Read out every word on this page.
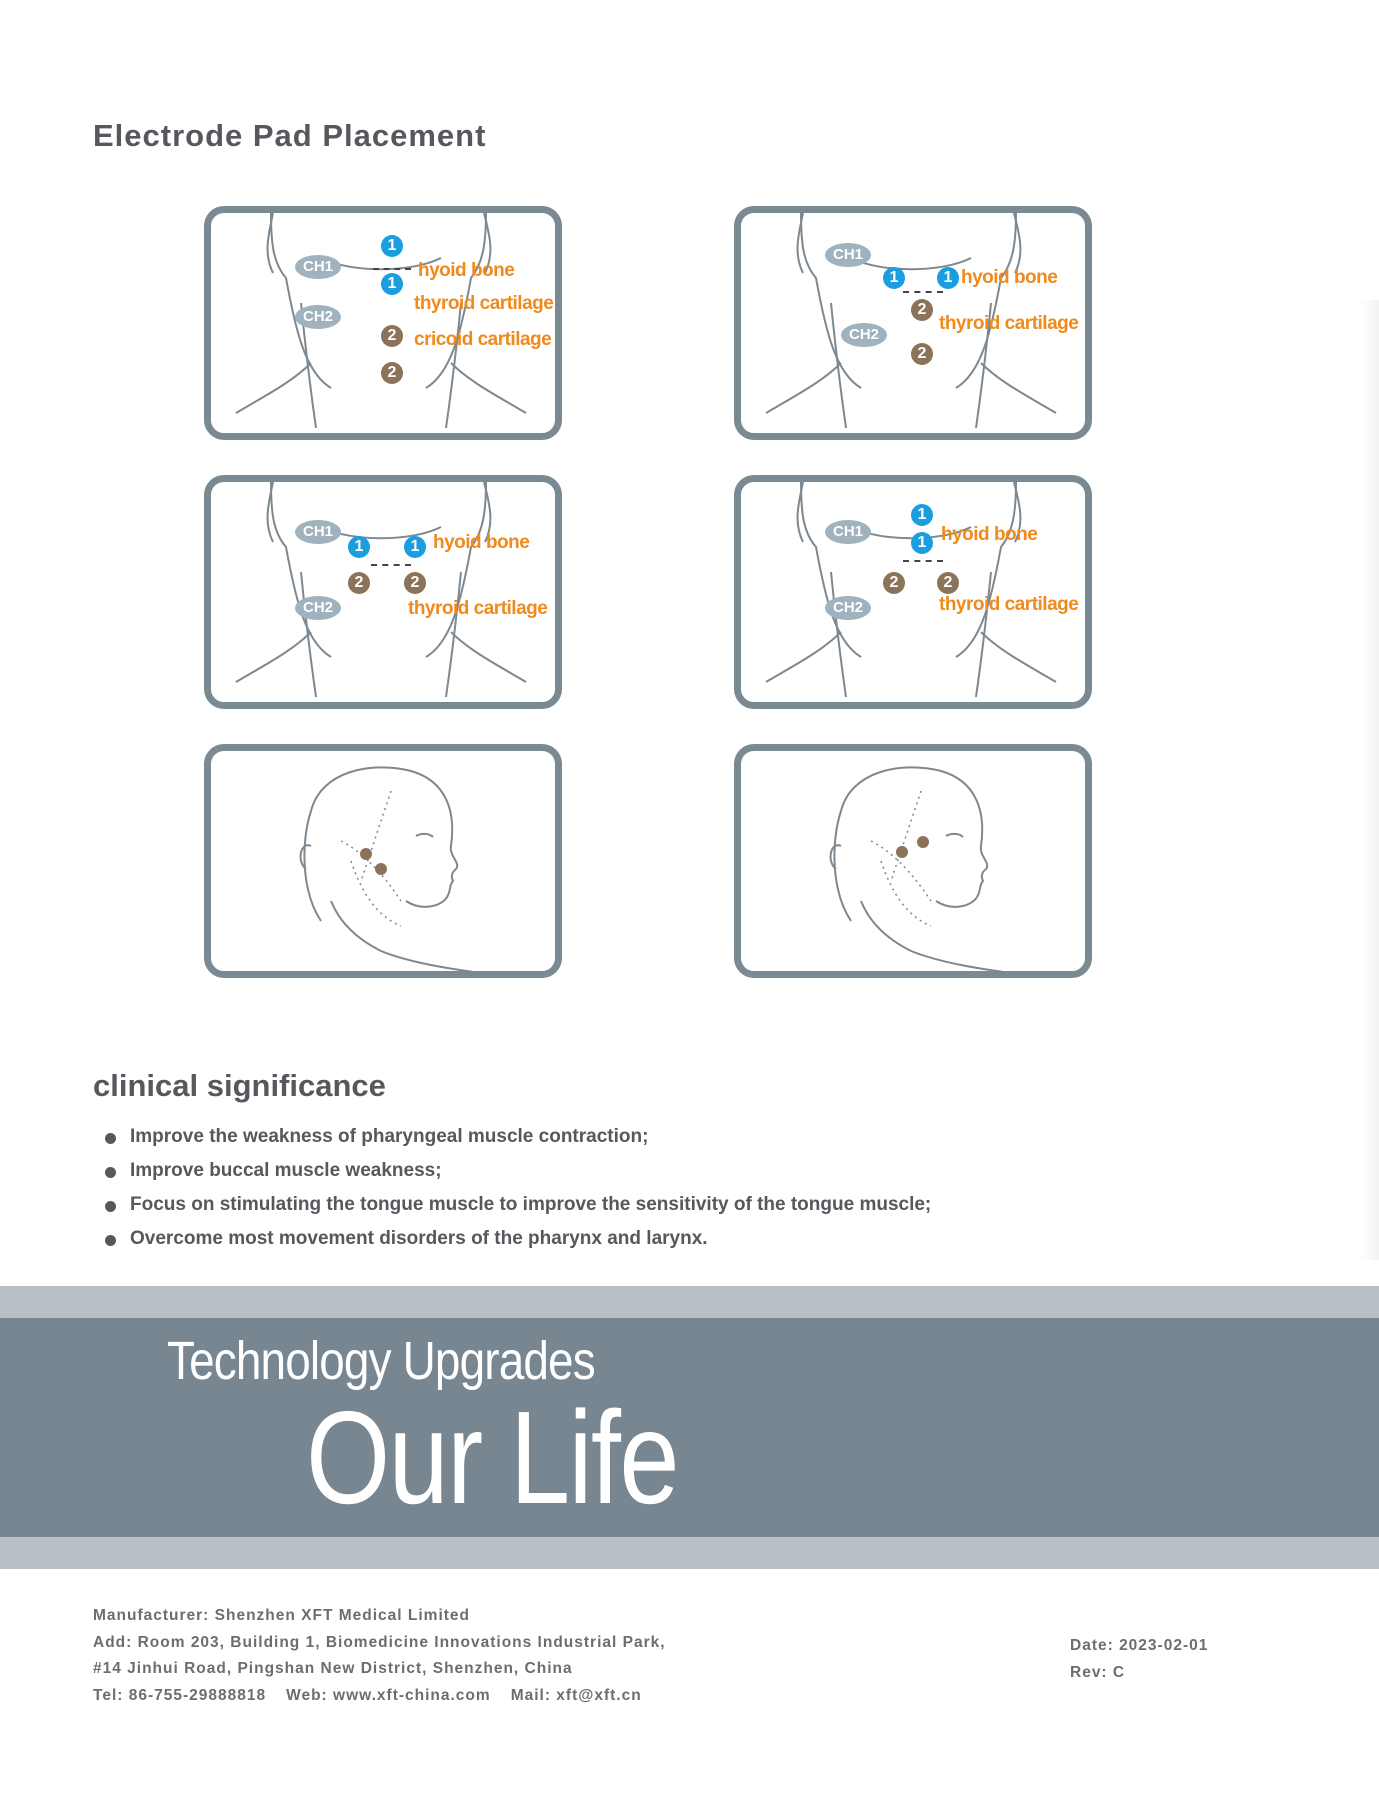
Electrode Pad Placement
CH1
CH2
1
1
2
2
hyoid bone
thyroid cartilage
cricoid cartilage
CH1
CH2
1	1
2
2
hyoid bone
thyroid cartilage
CH1
CH2
1	1
2	2
hyoid bone
thyroid cartilage
CH1
CH2
1
1
2	2
hyoid bone
thyroid cartilage
clinical significance
Improve the weakness of pharyngeal muscle contraction;
Improve buccal muscle weakness;
Focus on stimulating the tongue muscle to improve the sensitivity of the tongue muscle;
Overcome most movement disorders of the pharynx and larynx.
Technology Upgrades
Our Life
Manufacturer: Shenzhen XFT Medical Limited
Add: Room 203, Building 1, Biomedicine Innovations Industrial Park,
#14 Jinhui Road, Pingshan New District, Shenzhen, China
Tel: 86-755-29888818 Web: www.xft-china.com Mail: xft@xft.cn
Date: 2023-02-01
Rev: C
